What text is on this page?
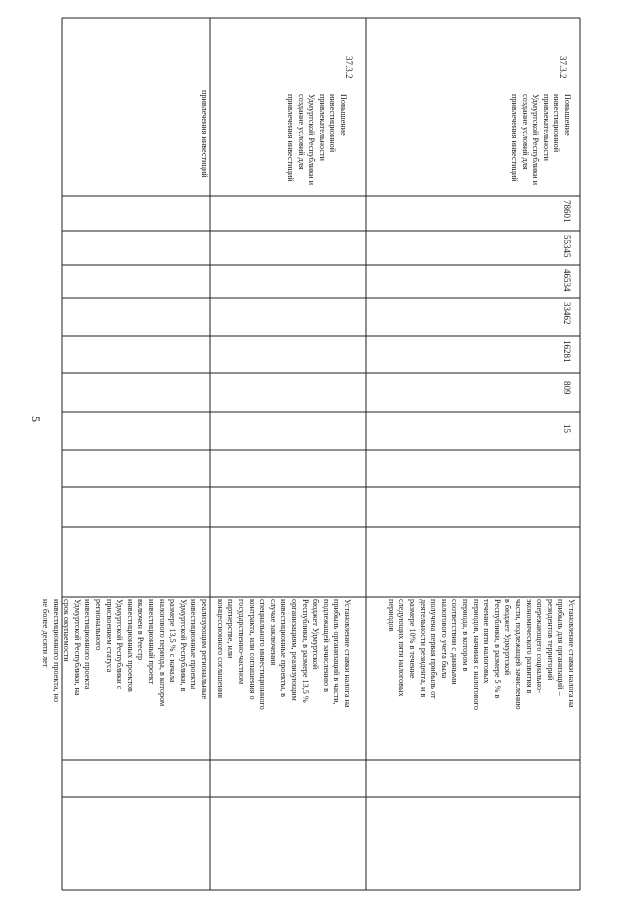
5
привлечения инвестиций
реализующим региональные
инвестиционные проекты
Удмуртской Республики, в
размере 13,5 % с начала
налогового периода, в котором
инвестиционный проект
включен в Реестр
инвестиционных проектов
Удмуртской Республики с
присвоением статуса
регионального
инвестиционного проекта
Удмуртской Республики, на
срок окупаемости
инвестиционного проекта, но
не более десяти лет
37.3.2
Повышение
инвестиционной
привлекательности
Удмуртской Республики и
создание условий для
привлечения инвестиций
Установление ставки налога на
прибыль организаций в части,
подлежащей зачислению в
бюджет Удмуртской
Республики, в размере 13,5 %
организациям, реализующим
инвестиционные проекты, в
случае заключения
специального инвестиционного
контракта, или соглашения о
государственно-частном
партнерстве, или
концессионного соглашения
37.3.2
Повышение
инвестиционной
привлекательности
Удмуртской Республики и
создание условий для
привлечения инвестиций
78601
55345
46534
33462
16281
809
15
Установление ставки налога на
прибыль для организаций –
резидентов территорий
опережающего социально-
экономического развития в
части, подлежащей зачислению
в бюджет Удмуртской
Республики, в размере 5 % в
течение пяти налоговых
периодов, начиная с налогового
периода, в котором в
соответствии с данными
налогового учета была
получена первая прибыль от
деятельности резидента, и в
размере 10% в течение
следующих пяти налоговых
периодов
